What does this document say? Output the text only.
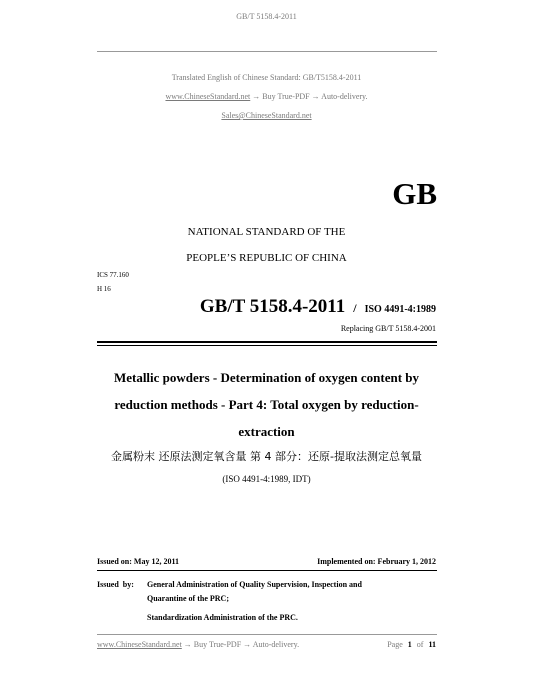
GB/T 5158.4-2011
Translated English of Chinese Standard: GB/T5158.4-2011
www.ChineseStandard.net → Buy True-PDF → Auto-delivery.
Sales@ChineseStandard.net
GB
NATIONAL STANDARD OF THE
PEOPLE’S REPUBLIC OF CHINA
ICS 77.160
H 16
GB/T 5158.4-2011 / ISO 4491-4:1989
Replacing GB/T 5158.4-2001
Metallic powders - Determination of oxygen content by
reduction methods - Part 4: Total oxygen by reduction-
extraction
金属粉末 还原法测定氧含量 第 4 部分：还原-提取法测定总氧量
(ISO 4491-4:1989, IDT)
Issued on: May 12, 2011	Implemented on: February 1, 2012
Issued  by: General Administration of Quality Supervision, Inspection and
Quarantine of the PRC;
Standardization Administration of the PRC.
www.ChineseStandard.net → Buy True-PDF → Auto-delivery.	Page 1 of 11
